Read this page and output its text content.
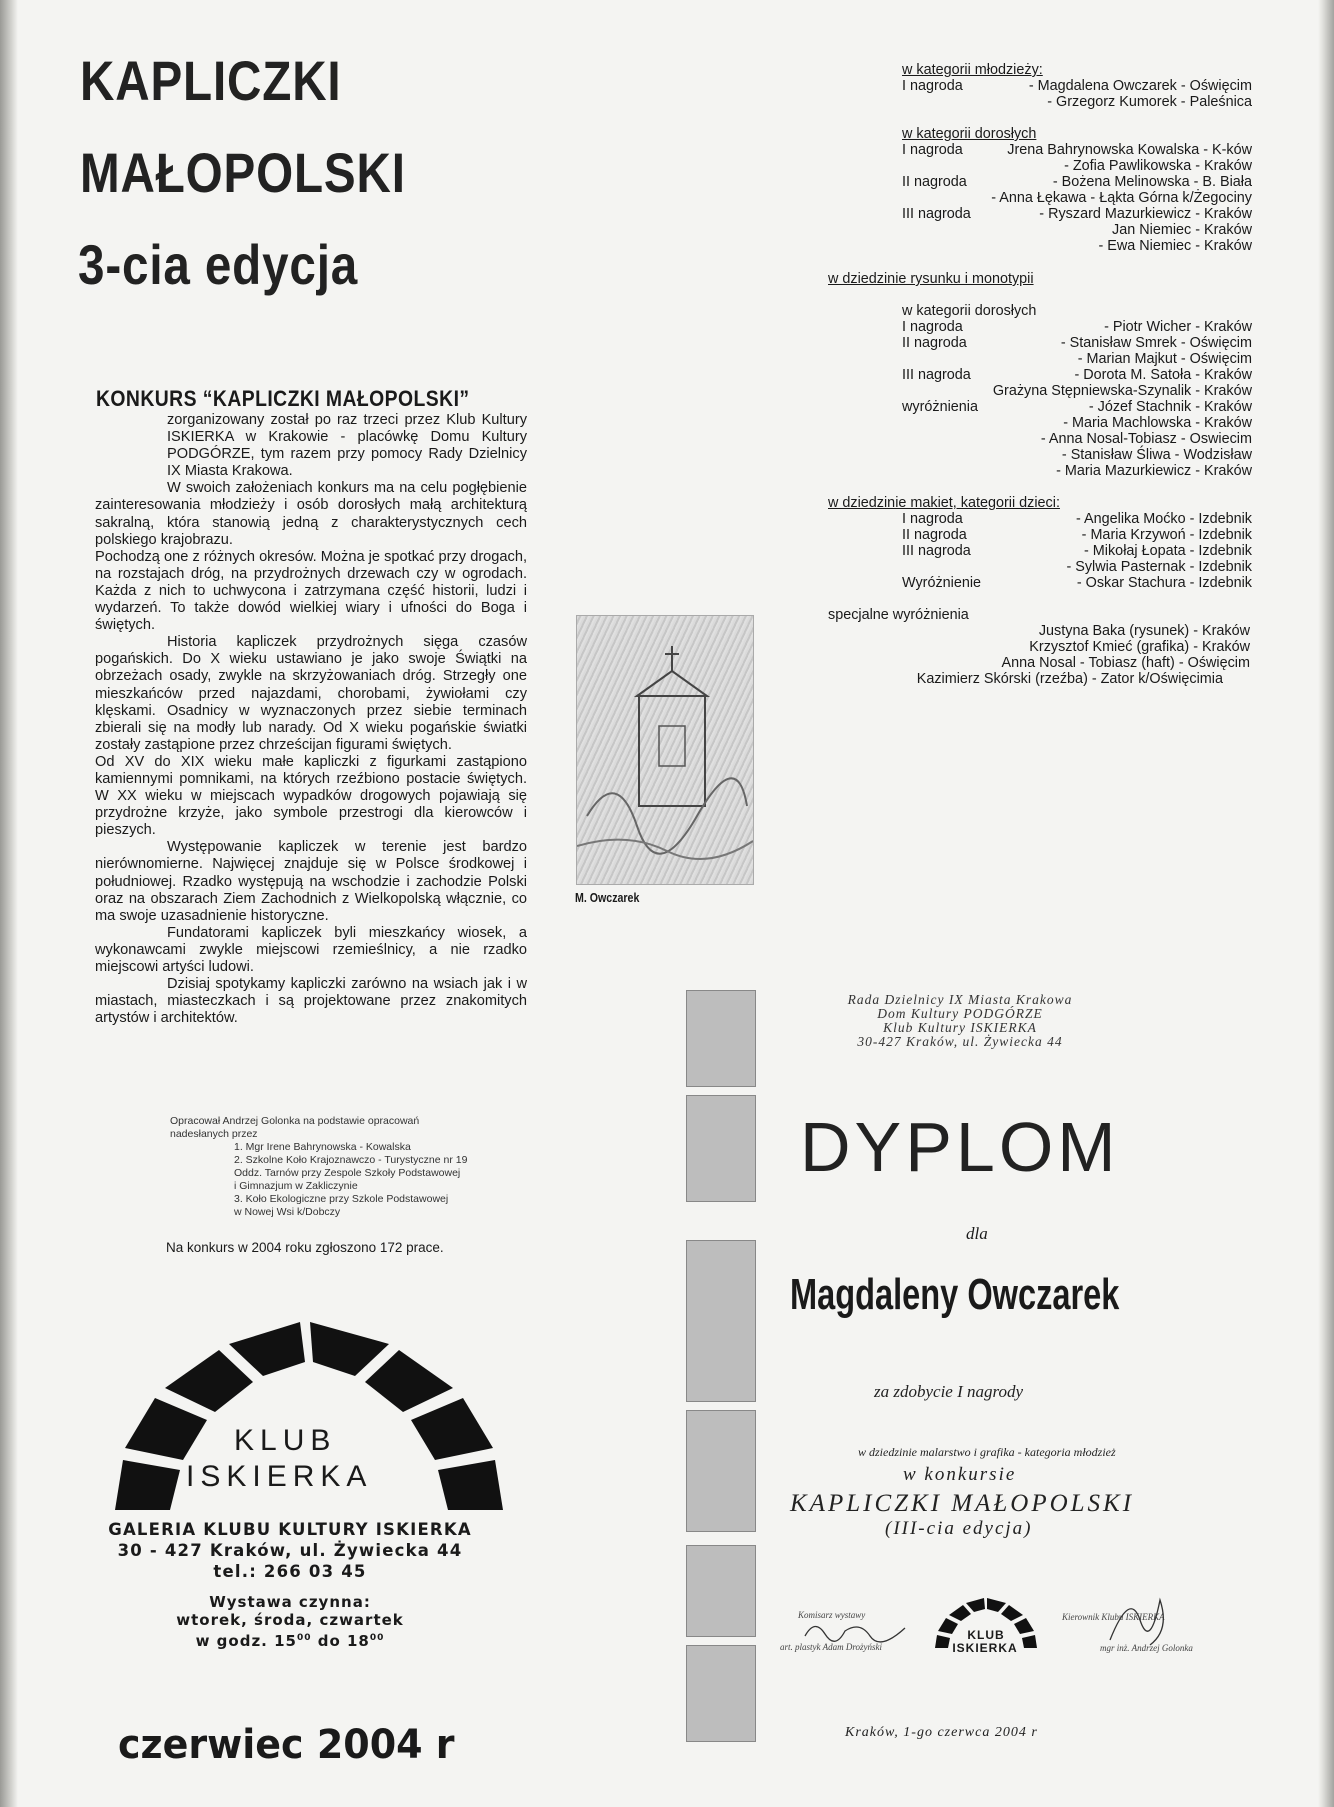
KAPLICZKI
MAŁOPOLSKI
3-cia edycja
KONKURS “KAPLICZKI MAŁOPOLSKI”

zorganizowany został po raz trzeci przez Klub Kultury ISKIERKA w Krakowie - placówkę Domu Kultury PODGÓRZE, tym razem przy pomocy Rady Dzielnicy IX Miasta Krakowa.

W swoich założeniach konkurs ma na celu pogłębienie zainteresowania młodzieży i osób dorosłych małą architekturą sakralną, która stanowią jedną z charakterystycznych cech polskiego krajobrazu.

Pochodzą one z różnych okresów. Można je spotkać przy drogach, na rozstajach dróg, na przydrożnych drzewach czy w ogrodach. Każda z nich to uchwycona i zatrzymana część historii, ludzi i wydarzeń. To także dowód wielkiej wiary i ufności do Boga i świętych.

Historia kapliczek przydrożnych sięga czasów pogańskich. Do X wieku ustawiano je jako swoje Świątki na obrzeżach osady, zwykle na skrzyżowaniach dróg. Strzegły one mieszkańców przed najazdami, chorobami, żywiołami czy klęskami. Osadnicy w wyznaczonych przez siebie terminach zbierali się na modły lub narady. Od X wieku pogańskie światki zostały zastąpione przez chrześcijan figurami świętych.

Od XV do XIX wieku małe kapliczki z figurkami zastąpiono kamiennymi pomnikami, na których rzeźbiono postacie świętych. W XX wieku w miejscach wypadków drogowych pojawiają się przydrożne krzyże, jako symbole przestrogi dla kierowców i pieszych.

Występowanie kapliczek w terenie jest bardzo nierównomierne. Najwięcej znajduje się w Polsce środkowej i południowej. Rzadko występują na wschodzie i zachodzie Polski oraz na obszarach Ziem Zachodnich z Wielkopolską włącznie, co ma swoje uzasadnienie historyczne.

Fundatorami kapliczek byli mieszkańcy wiosek, a wykonawcami zwykle miejscowi rzemieślnicy, a nie rzadko miejscowi artyści ludowi.

Dzisiaj spotykamy kapliczki zarówno na wsiach jak i w miastach, miasteczkach i są projektowane przez znakomitych artystów i architektów.

Opracował Andrzej Golonka na podstawie opracowań
nadesłanych przez
1. Mgr Irene Bahrynowska - Kowalska
2. Szkolne Koło Krajoznawczo - Turystyczne nr 19
Oddz. Tarnów przy Zespole Szkoły Podstawowej
i Gimnazjum w Zakliczynie
3. Koło Ekologiczne przy Szkole Podstawowej
w Nowej Wsi k/Dobczy
Na konkurs w 2004 roku zgłoszono 172 prace.
M. Owczarek
w kategorii młodzieży:
I nagroda	- Magdalena Owczarek - Oświęcim
- Grzegorz Kumorek - Paleśnica
w kategorii dorosłych
I nagroda	Jrena Bahrynowska Kowalska - K-ków
- Zofia Pawlikowska - Kraków
II nagroda	- Bożena Melinowska - B. Biała
- Anna Łękawa - Łąkta Górna k/Żegociny
III nagroda	- Ryszard Mazurkiewicz - Kraków
Jan Niemiec - Kraków
- Ewa Niemiec - Kraków
w dziedzinie rysunku i monotypii
w kategorii dorosłych
I nagroda	- Piotr Wicher - Kraków
II nagroda	- Stanisław Smrek - Oświęcim
- Marian Majkut - Oświęcim
III nagroda	- Dorota M. Satoła - Kraków
Grażyna Stępniewska-Szynalik - Kraków
wyróżnienia	- Józef Stachnik - Kraków
- Maria Machlowska - Kraków
- Anna Nosal-Tobiasz - Oswiecim
- Stanisław Śliwa - Wodzisław
- Maria Mazurkiewicz - Kraków
w dziedzinie makiet, kategorii dzieci:
I nagroda	- Angelika Moćko - Izdebnik
II nagroda	- Maria Krzywoń - Izdebnik
III nagroda	- Mikołaj Łopata - Izdebnik
- Sylwia Pasternak - Izdebnik
Wyróżnienie	- Oskar Stachura - Izdebnik
specjalne wyróżnienia
Justyna Baka (rysunek) - Kraków
Krzysztof Kmieć (grafika) - Kraków
Anna Nosal - Tobiasz (haft) - Oświęcim
Kazimierz Skórski (rzeźba) - Zator k/Oświęcimia
KLUB
ISKIERKA
GALERIA KLUBU KULTURY ISKIERKA
30 - 427 Kraków, ul. Żywiecka 44
tel.: 266 03 45
Wystawa czynna:
wtorek, środa, czwartek
w godz. $15^{00}$ do $18^{00}$
czerwiec 2004 r
Rada Dzielnicy IX Miasta Krakowa
Dom Kultury PODGÓRZE
Klub Kultury ISKIERKA
30-427 Kraków, ul. Żywiecka 44
DYPLOM
dla
Magdaleny Owczarek
za zdobycie I nagrody
w dziedzinie malarstwo i grafika - kategoria młodzież
w konkursie
KAPLICZKI MAŁOPOLSKI
(III-cia edycja)
Komisarz wystawy
art. plastyk Adam Drożyński
Kierownik Klubu ISKIERKA
mgr inż. Andrzej Golonka
KLUB
ISKIERKA
Kraków, 1-go czerwca 2004 r
